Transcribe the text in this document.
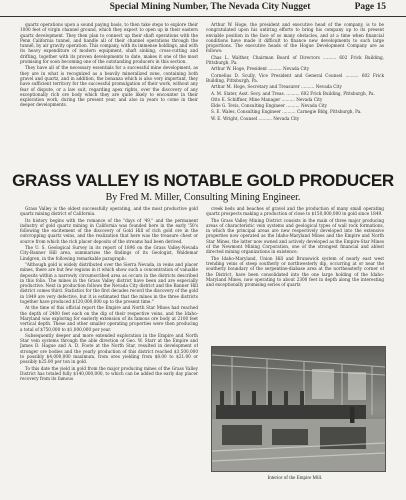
Special Mining Number, The Nevada City Nugget	Page 15

quartz operations upon a sound paying basis, to then take steps to explore their 1000 feet of virgin channel ground, which they expect to open up in their eastern quartz development. They then plan to connect up their shaft operations with the Penn_California tunnel, and handle all of their channel operations through the tunnel, by air gravity operation. This company, with its immense holdings, and with its heavy expenditure of modern equipment, shaft sinking, cross-cutting and drifting, together with its proven developments to date, makes it one of the most promising for soon becoming one of the outstanding producers in this section.

They have all of the necessary essentials for a successful mine development, as they are in what is recognized as a heavily mineralized zone, containing both gravel and quartz, and in addition, the bonanza which is also very important, they have sufficient territory for the successful promulgation of their work, without any fear of dispute, or a law suit, regarding apex rights, over the discovery of any exceptionally rich ore body which they are quite likely to encounter in their exploration work, during the present year, and also in years to come in their deeper developments.

Arthur W. Hoge, the president and executive head of the company, is to be congratulated upon his untiring efforts to bring his company up to its present enviable position in the face of so many obstacles, and at a time when financial conditions have made it difficult to finance new developments to such large proportions. The executive heads of the Hogue Development Company are as follows:

Chas L. Walther, Chairman Board of Directors .......... 602 Frick Building, Pittsburgh, Pa.

Arthur W. Hoge, President .......... Nevada City

Cornelius D. Scully, Vice President and General Counsel .......... 602 Frick Building, Pittsburgh, Pa.

Arthur M. Hoge, Secretary and Treasurer .......... Nevada City

A. M. Slater, Asst. Secy. and Treas. .......... 602 Frick Building, Pittsburgh, Pa.

Otto E. Schiffner, Mine Manager .......... Nevada City

Elde G. Tevis, Consulting Engineer .......... Nevada City

S. E. Wales, Consulting Engineer .......... Carnegie Bldg, Pittsburgh, Pa.

W. E. Wright, Counsel .......... Nevada City

GRASS VALLEY IS NOTABLE GOLD PRODUCER
By Fred M. Miller, Consulting Mining Engineer.

Grass Valley is the oldest successfully operating, and the most productive gold quartz mining district of California.

Its history begins with the romance of the "days of '49," and the permanent industry of gold quartz mining in California was founded here in the early '50's following the excitement of the discovery of Gold Hill of rich gold ore in the outcropping quartz veins, and the realization that here was the treasure chest or source from which the rich placer deposits of the streams had been derived.

The U. S. Geological Survey in its report of 1896 on the Grass Valley-Nevada City-Banner Hill area, summarizes the findings of its Geologist, Waldemar Lindgren, in the following remarkable paragraph:

"Although gold is widely distributed over the Sierra Nevada, in veins and placer mines, there are but few regions in it which show such a concentration of valuable deposits within a narrowly circumscribed area as occurs in the districts described in this folio. The mines in the Grass Valley district have been and are especially productive. Next in production follows the Nevada City district and the Banner Hill district comes third. Statistics for the first decades record the discovery of the gold in 1849 are very defective, but it is estimated that the mines in the three districts together have produced $120,000,000 up to the present time."

At the time of this official report the Empire and North Star Mines had reached the depth of 2400 feet each on the dip of their respective veins, and the Idaho-Maryland was exploring for easterly extension of its famous ore body at 2100 feet vertical depth. These and other smaller operating properties were then producing a total of $750,000 to $1,000,000 per year.

Subsequently deeper and more extended exploration in the Empire and North Star vein systems through the able direction of Geo. W. Starr at the Empire and James D. Hague and A. D. Foote at the North Star, resulted in development of stronger ore bodies and the yearly production of this district reached $3,500,000 to possibly $4,000,000 maximum, from ores yielding from $8.00 to $21.00 or possibly $25.00 per ton in gold.

To this date the yield in gold from the major producing mines of the Grass Valley District has totaled fully $140,000,000, to which can be added the early day placer recovery from its famous

creek beds and beaches of gravel and the production of many small operating quartz prospects making a production of close to $150,000,000 in gold since 1849.

The Grass Valley Mining District consists in the main of three major producing areas of characteristic vein systems and geological types of wall rock formations, in which the principal areas are new respectively developed into the extensive properties now operated as the Idaho-Maryland Mines and the Empire and North Star Mines, the latter now owned and actively developed as the Empire-Star Mines of the Newmont Mining Corporation, one of the strongest financial and ablest directed mining organizations in existence.

The Idaho-Maryland, Union Hill and Brunswick system of nearly east west trending veins of steep southerly or northwesterly dip, occurring at or near the southerly boundary of the serpentine-diabase area at the northeasterly corner of the District, have been consolidated into the one large holding of the Idaho-Maryland Mines, now operating to about 2300 feet in depth along the interesting and exceptionally promising series of quartz

Interior of the Empire Mill.
